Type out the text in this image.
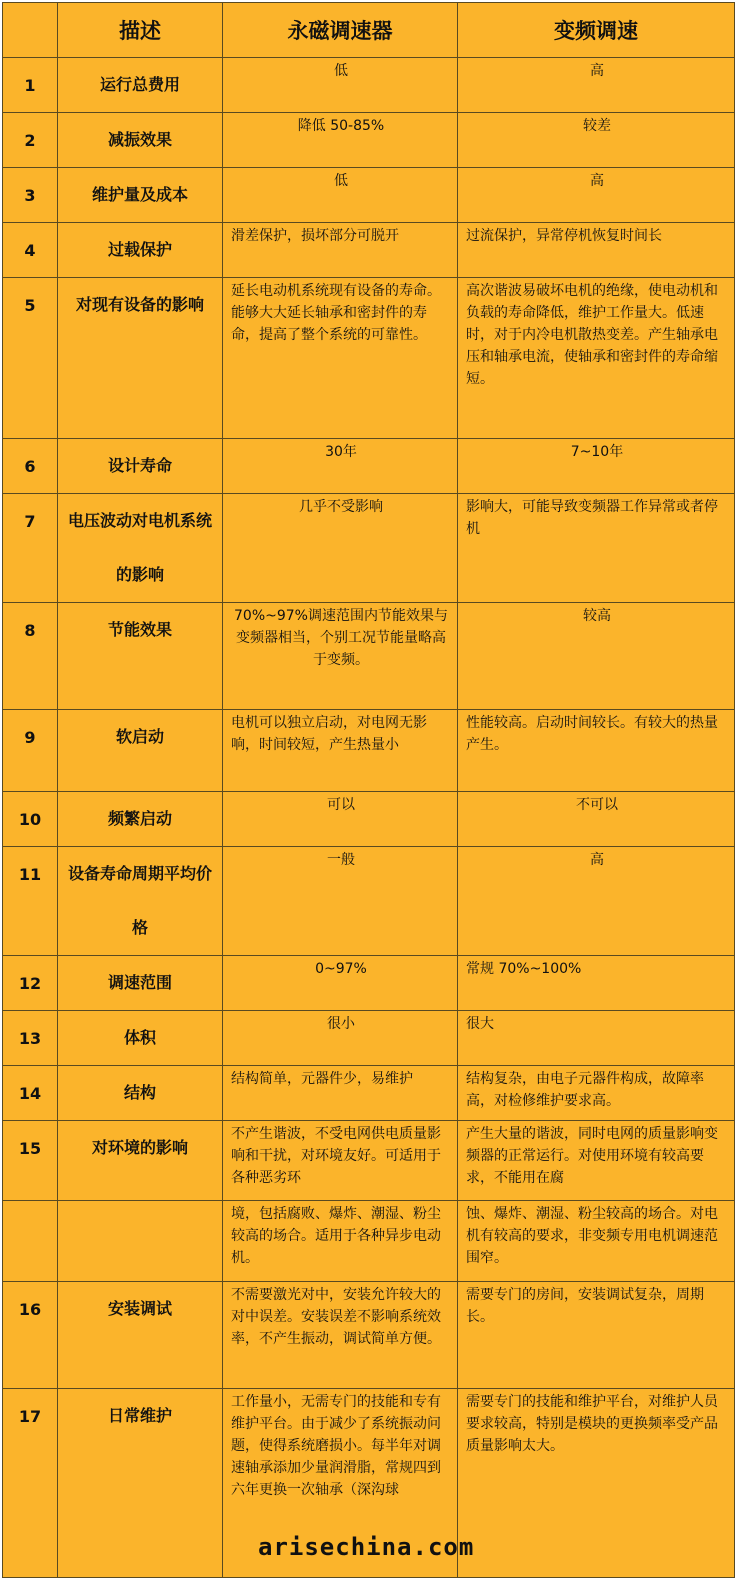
	描述	永磁调速器	变频调速
1	运行总费用	低	高
2	减振效果	降低 50-85%	较差
3	维护量及成本	低	高
4	过载保护	滑差保护，损坏部分可脱开	过流保护，异常停机恢复时间长
5	对现有设备的影响	延长电动机系统现有设备的寿命。能够大大延长轴承和密封件的寿命，提高了整个系统的可靠性。	高次谐波易破坏电机的绝缘，使电动机和负载的寿命降低，维护工作量大。低速时，对于内冷电机散热变差。产生轴承电压和轴承电流，使轴承和密封件的寿命缩短。
6	设计寿命	30年	7~10年
7	电压波动对电机系统的影响	几乎不受影响	影响大，可能导致变频器工作异常或者停机
8	节能效果	70%~97%调速范围内节能效果与变频器相当，个别工况节能量略高于变频。	较高
9	软启动	电机可以独立启动，对电网无影响，时间较短，产生热量小	性能较高。启动时间较长。有较大的热量产生。
10	频繁启动	可以	不可以
11	设备寿命周期平均价格	一般	高
12	调速范围	0~97%	常规 70%~100%
13	体积	很小	很大
14	结构	结构简单，元器件少，易维护	结构复杂，由电子元器件构成，故障率高，对检修维护要求高。
15	对环境的影响	不产生谐波，不受电网供电质量影响和干扰，对环境友好。可适用于各种恶劣环	产生大量的谐波，同时电网的质量影响变频器的正常运行。对使用环境有较高要求，不能用在腐
		境，包括腐败、爆炸、潮湿、粉尘较高的场合。适用于各种异步电动机。	蚀、爆炸、潮湿、粉尘较高的场合。对电机有较高的要求，非变频专用电机调速范围窄。
16	安装调试	不需要激光对中，安装允许较大的对中误差。安装误差不影响系统效率，不产生振动，调试简单方便。	需要专门的房间，安装调试复杂，周期长。
17	日常维护	工作量小，无需专门的技能和专有维护平台。由于减少了系统振动问题，使得系统磨损小。每半年对调速轴承添加少量润滑脂，常规四到六年更换一次轴承（深沟球	需要专门的技能和维护平台，对维护人员要求较高，特别是模块的更换频率受产品质量影响太大。
arisechina.com
